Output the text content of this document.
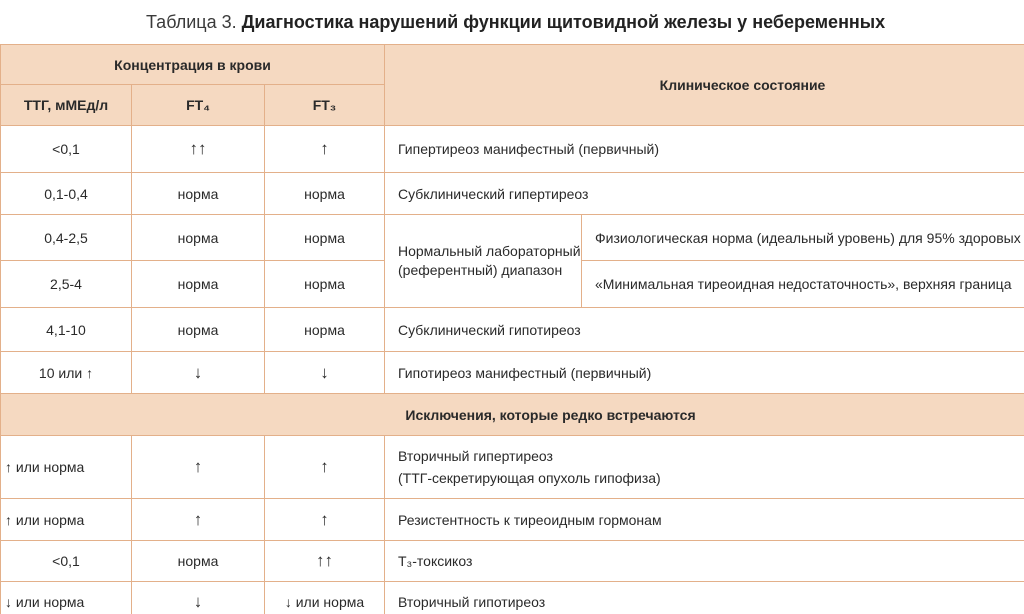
Таблица 3. Диагностика нарушений функции щитовидной железы у небеременных
Концентрация в крови			Клиническое состояние	
ТТГ, мМЕд/л	FT₄	FT₃		
<0,1	↑↑	↑	Гипертиреоз манифестный (первичный)	
0,1-0,4	норма	норма	Субклинический гипертиреоз	
0,4-2,5	норма	норма	Нормальный лабораторный (референтный) диапазон	Физиологическая норма (идеальный уровень) для 95% здоровых
2,5-4	норма	норма		«Минимальная тиреоидная недостаточность», верхняя граница
4,1-10	норма	норма	Субклинический гипотиреоз	
10 или ↑	↓	↓	Гипотиреоз манифестный (первичный)	
Исключения, которые редко встречаются				
↑ или норма	↑	↑	Вторичный гипертиреоз
(ТТГ-секретирующая опухоль гипофиза)	

↑ или норма	↑	↑	Резистентность к тиреоидным гормонам	
<0,1	норма	↑↑	T₃-токсикоз	
↓ или норма	↓	↓ или норма	Вторичный гипотиреоз	
